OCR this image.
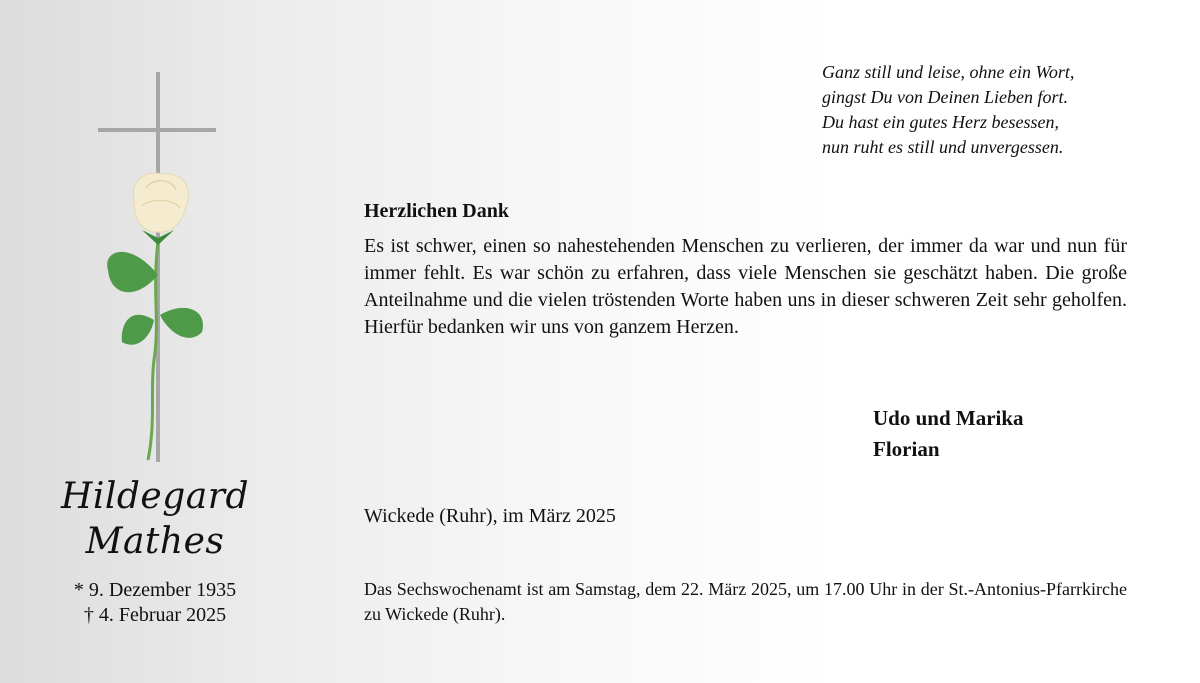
Ganz still und leise, ohne ein Wort,
gingst Du von Deinen Lieben fort.
Du hast ein gutes Herz besessen,
nun ruht es still und unvergessen.
Herzlichen Dank
Es ist schwer, einen so nahestehenden Menschen zu verlieren, der immer da war und nun für immer fehlt. Es war schön zu erfahren, dass viele Menschen sie geschätzt haben. Die große Anteilnahme und die vielen tröstenden Worte haben uns in dieser schweren Zeit sehr geholfen. Hierfür bedanken wir uns von ganzem Herzen.
Udo und Marika
Florian
Wickede (Ruhr), im März 2025
Das Sechswochenamt ist am Samstag, dem 22. März 2025, um 17.00 Uhr in der St.-Antonius-Pfarrkirche zu Wickede (Ruhr).
Hildegard
Mathes
* 9. Dezember 1935
† 4. Februar 2025
